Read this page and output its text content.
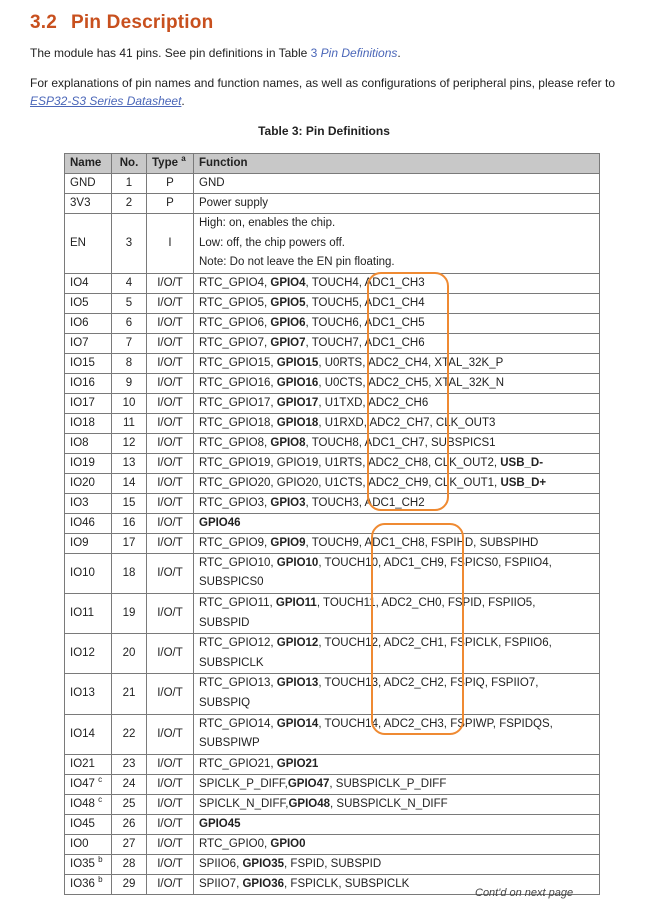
3.2 Pin Description
The module has 41 pins. See pin definitions in Table 3 Pin Definitions.
For explanations of pin names and function names, as well as configurations of peripheral pins, please refer to
ESP32-S3 Series Datasheet.
Table 3: Pin Definitions
Name	No.	Type $^a$	Function
GND	1	P	GND

3V3	2	P	Power supply

EN	3	I	High: on, enables the chip.
Low: off, the chip powers off.
Note: Do not leave the EN pin floating.

IO4	4	I/O/T	RTC_GPIO4, GPIO4, TOUCH4, ADC1_CH3

IO5	5	I/O/T	RTC_GPIO5, GPIO5, TOUCH5, ADC1_CH4

IO6	6	I/O/T	RTC_GPIO6, GPIO6, TOUCH6, ADC1_CH5

IO7	7	I/O/T	RTC_GPIO7, GPIO7, TOUCH7, ADC1_CH6

IO15	8	I/O/T	RTC_GPIO15, GPIO15, U0RTS, ADC2_CH4, XTAL_32K_P

IO16	9	I/O/T	RTC_GPIO16, GPIO16, U0CTS, ADC2_CH5, XTAL_32K_N

IO17	10	I/O/T	RTC_GPIO17, GPIO17, U1TXD, ADC2_CH6

IO18	11	I/O/T	RTC_GPIO18, GPIO18, U1RXD, ADC2_CH7, CLK_OUT3

IO8	12	I/O/T	RTC_GPIO8, GPIO8, TOUCH8, ADC1_CH7, SUBSPICS1

IO19	13	I/O/T	RTC_GPIO19, GPIO19, U1RTS, ADC2_CH8, CLK_OUT2, USB_D-

IO20	14	I/O/T	RTC_GPIO20, GPIO20, U1CTS, ADC2_CH9, CLK_OUT1, USB_D+

IO3	15	I/O/T	RTC_GPIO3, GPIO3, TOUCH3, ADC1_CH2

IO46	16	I/O/T	GPIO46

IO9	17	I/O/T	RTC_GPIO9, GPIO9, TOUCH9, ADC1_CH8, FSPIHD, SUBSPIHD

IO10	18	I/O/T	RTC_GPIO10, GPIO10, TOUCH10, ADC1_CH9, FSPICS0, FSPIIO4,
SUBSPICS0

IO11	19	I/O/T	RTC_GPIO11, GPIO11, TOUCH11, ADC2_CH0, FSPID, FSPIIO5,
SUBSPID

IO12	20	I/O/T	RTC_GPIO12, GPIO12, TOUCH12, ADC2_CH1, FSPICLK, FSPIIO6,
SUBSPICLK

IO13	21	I/O/T	RTC_GPIO13, GPIO13, TOUCH13, ADC2_CH2, FSPIQ, FSPIIO7,
SUBSPIQ

IO14	22	I/O/T	RTC_GPIO14, GPIO14, TOUCH14, ADC2_CH3, FSPIWP, FSPIDQS,
SUBSPIWP

IO21	23	I/O/T	RTC_GPIO21, GPIO21

IO47 $^c$	24	I/O/T	SPICLK_P_DIFF,GPIO47, SUBSPICLK_P_DIFF

IO48 $^c$	25	I/O/T	SPICLK_N_DIFF,GPIO48, SUBSPICLK_N_DIFF

IO45	26	I/O/T	GPIO45

IO0	27	I/O/T	RTC_GPIO0, GPIO0

IO35 $^b$	28	I/O/T	SPIIO6, GPIO35, FSPID, SUBSPID

IO36 $^b$	29	I/O/T	SPIIO7, GPIO36, FSPICLK, SUBSPICLK
Cont'd on next page
